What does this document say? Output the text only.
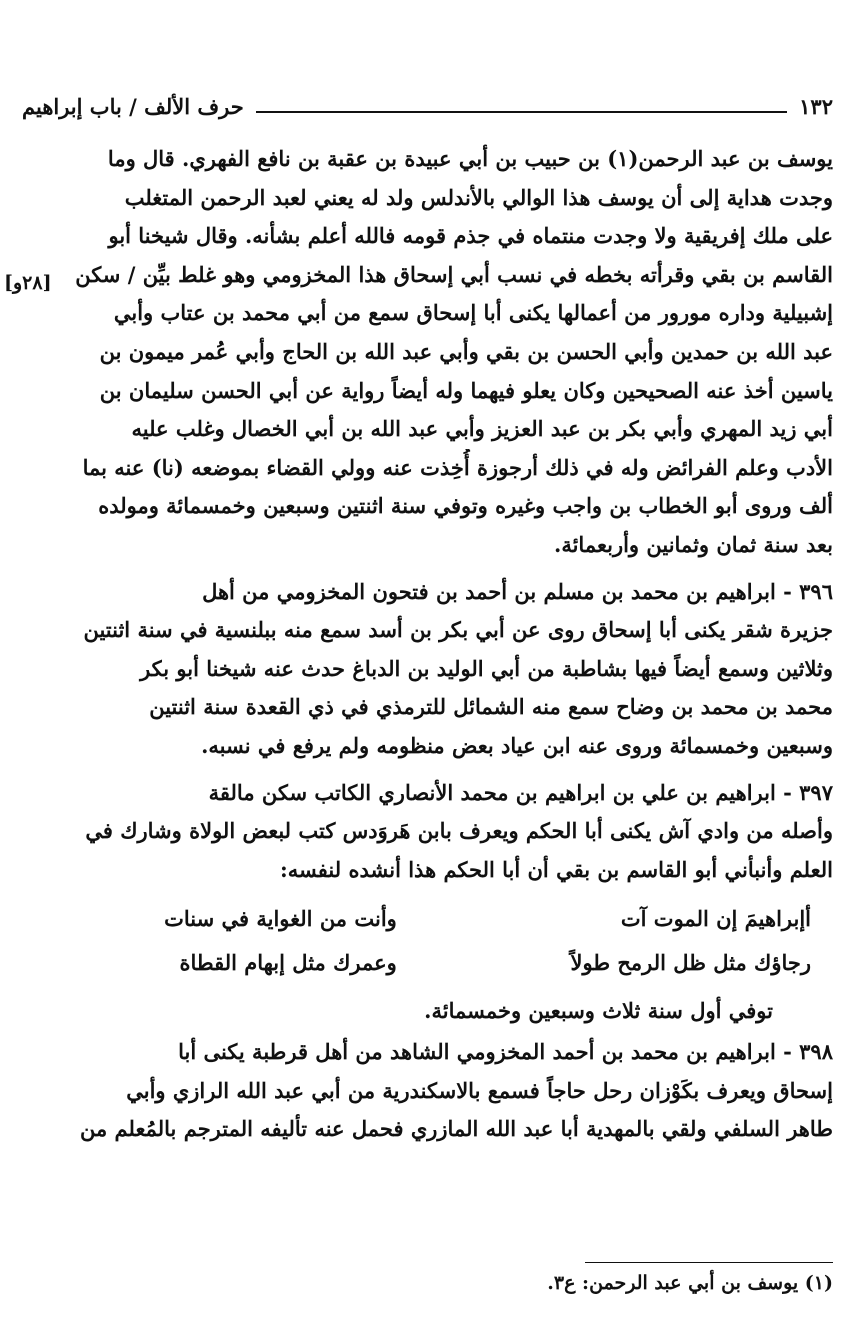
١٣٢
حرف الألف / باب إبراهيم
[٢٨و]
يوسف بن عبد الرحمن(١) بن حبيب بن أبي عبيدة بن عقبة بن نافع الفهري. قال وما
وجدت هداية إلى أن يوسف هذا الوالي بالأندلس ولد له يعني لعبد الرحمن المتغلب
على ملك إفريقية ولا وجدت منتماه في جذم قومه فالله أعلم بشأنه. وقال شيخنا أبو
القاسم بن بقي وقرأته بخطه في نسب أبي إسحاق هذا المخزومي وهو غلط بيِّن / سكن
إشبيلية وداره مورور من أعمالها يكنى أبا إسحاق سمع من أبي محمد بن عتاب وأبي
عبد الله بن حمدين وأبي الحسن بن بقي وأبي عبد الله بن الحاج وأبي عُمر ميمون بن
ياسين أخذ عنه الصحيحين وكان يعلو فيهما وله أيضاً رواية عن أبي الحسن سليمان بن
أبي زيد المهري وأبي بكر بن عبد العزيز وأبي عبد الله بن أبي الخصال وغلب عليه
الأدب وعلم الفرائض وله في ذلك أرجوزة أُخِذت عنه وولي القضاء بموضعه (نا) عنه بما
ألف وروى أبو الخطاب بن واجب وغيره وتوفي سنة اثنتين وسبعين وخمسمائة ومولده
بعد سنة ثمان وثمانين وأربعمائة.
٣٩٦ - ابراهيم بن محمد بن مسلم بن أحمد بن فتحون المخزومي من أهل
جزيرة شقر يكنى أبا إسحاق روى عن أبي بكر بن أسد سمع منه ببلنسية في سنة اثنتين
وثلاثين وسمع أيضاً فيها بشاطبة من أبي الوليد بن الدباغ حدث عنه شيخنا أبو بكر
محمد بن محمد بن وضاح سمع منه الشمائل للترمذي في ذي القعدة سنة اثنتين
وسبعين وخمسمائة وروى عنه ابن عياد بعض منظومه ولم يرفع في نسبه.
٣٩٧ - ابراهيم بن علي بن ابراهيم بن محمد الأنصاري الكاتب سكن مالقة
وأصله من وادي آش يكنى أبا الحكم ويعرف بابن هَروَدس كتب لبعض الولاة وشارك في
العلم وأنبأني أبو القاسم بن بقي أن أبا الحكم هذا أنشده لنفسه:
أإبراهيمَ إن الموت آت
وأنت من الغواية في سنات
رجاؤك مثل ظل الرمح طولاً
وعمرك مثل إبهام القطاة
توفي أول سنة ثلاث وسبعين وخمسمائة.
٣٩٨ - ابراهيم بن محمد بن أحمد المخزومي الشاهد من أهل قرطبة يكنى أبا
إسحاق ويعرف بكَوْزان رحل حاجاً فسمع بالاسكندرية من أبي عبد الله الرازي وأبي
طاهر السلفي ولقي بالمهدية أبا عبد الله المازري فحمل عنه تأليفه المترجم بالمُعلم من
(١) يوسف بن أبي عبد الرحمن: ع٣.
